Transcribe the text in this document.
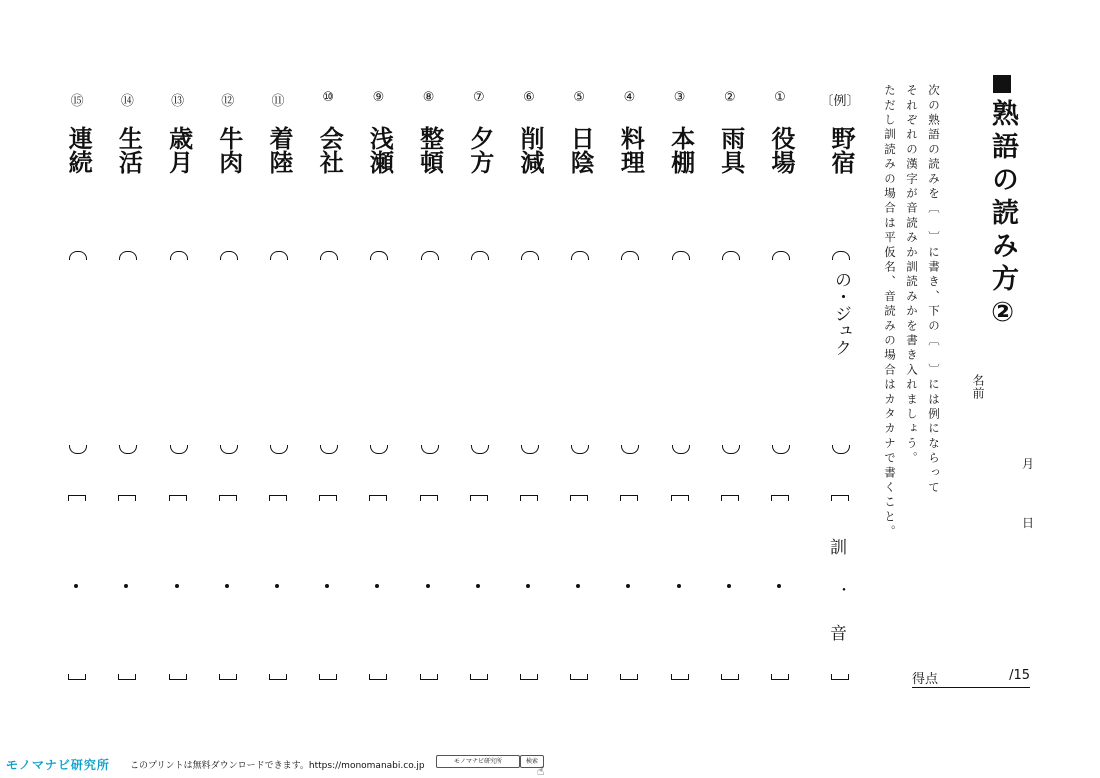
熟語の読み方②
次の熟語の読みを〔　〕に書き、下の〔　〕には例にならって
それぞれの漢字が音読みか訓読みかを書き入れましょう。
ただし訓読みの場合は平仮名、音読みの場合はカタカナで書くこと。	名前
月
日
得点	/15
〔例〕
野宿
の・ジュク
訓
・
音
①
役場
②
雨具
③
本棚
④
料理
⑤
日陰
⑥
削減
⑦
夕方
⑧
整頓
⑨
浅瀬
⑩
会社
⑪
着陸
⑫
牛肉
⑬
歳月
⑭
生活
⑮
連続
モノマナビ研究所 このプリントは無料ダウンロードできます。https://monomanabi.co.jp	モノマナビ研究所	検索
☝
